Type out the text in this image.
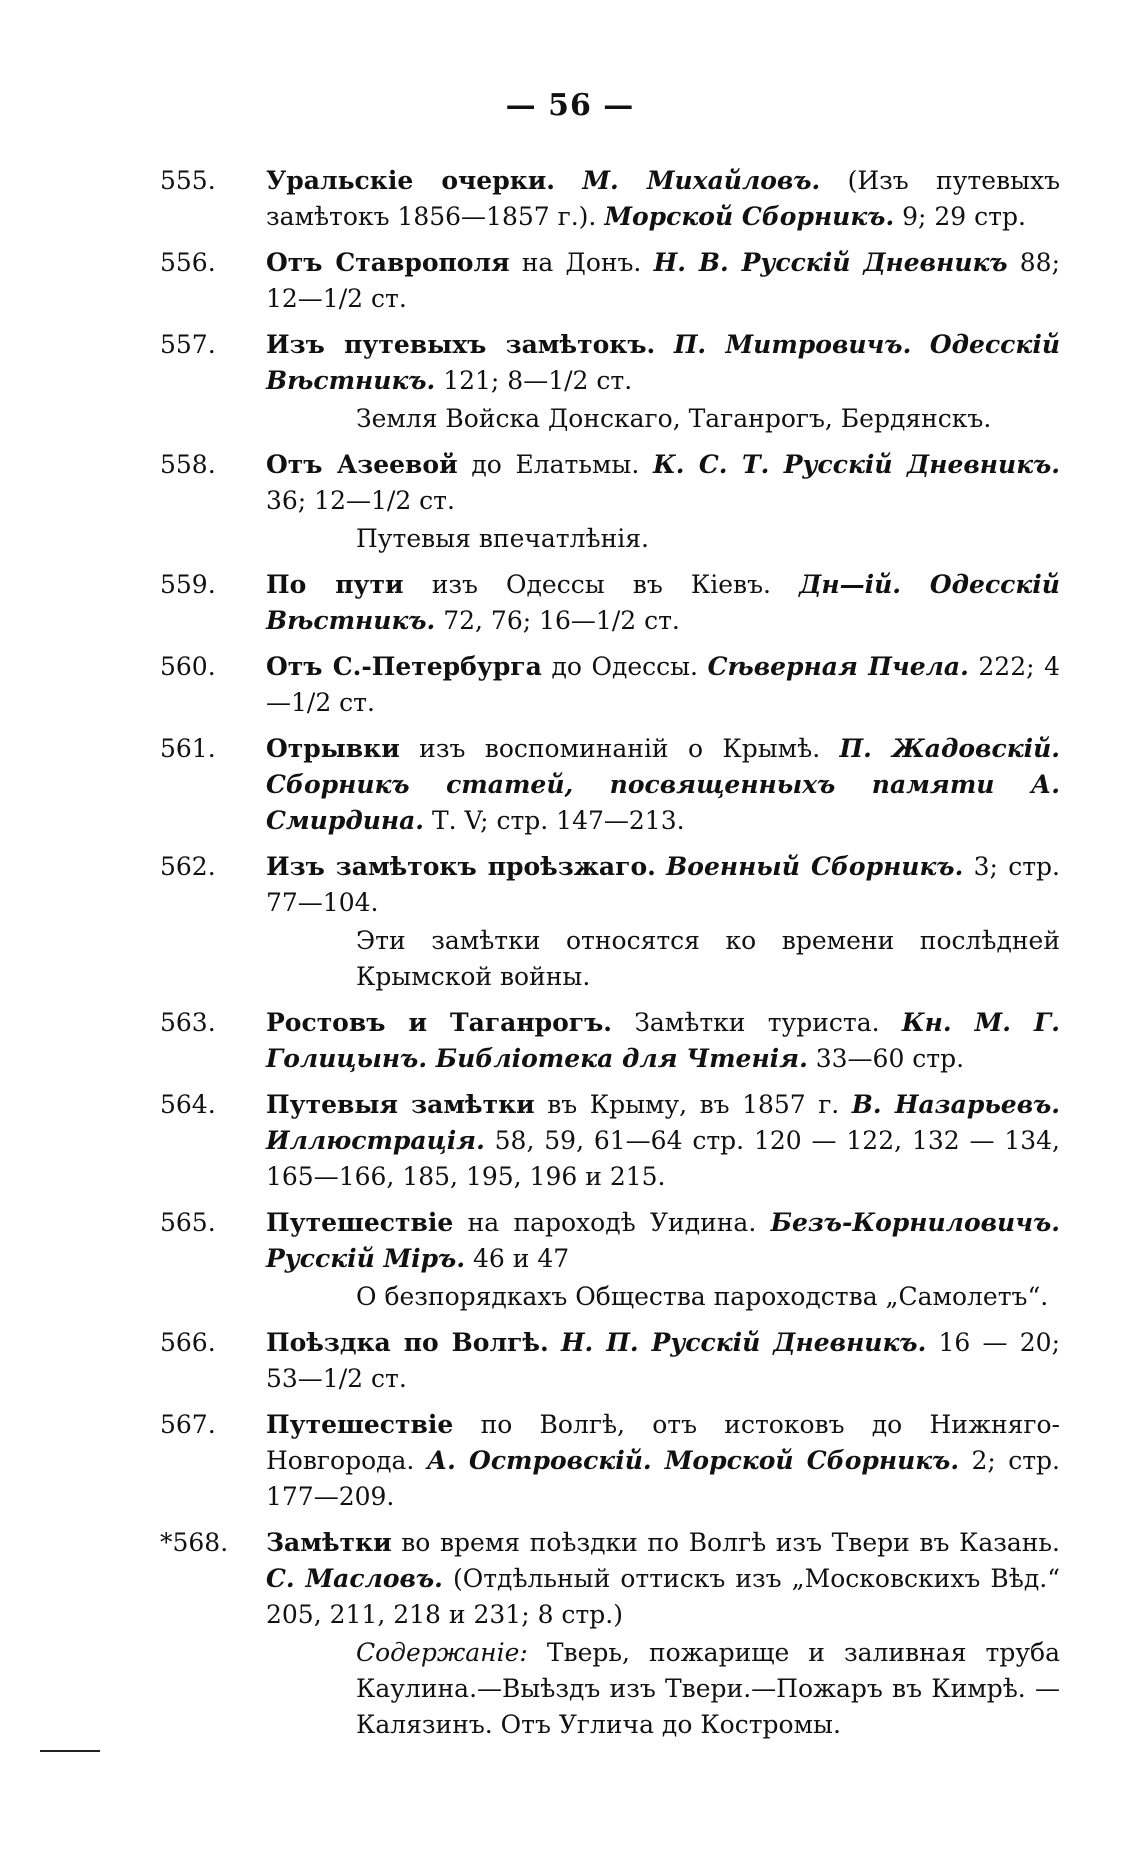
— 56 —
555.	Уральскіе очерки. М. Михайловъ. (Изъ путевыхъ замѣтокъ 1856—1857 г.). Морской Сборникъ. 9; 29 стр.
556.	Отъ Ставрополя на Донъ. Н. В. Русскій Дневникъ 88; 12—1/2 ст.
557.	Изъ путевыхъ замѣтокъ. П. Митровичъ. Одесскій Вѣстникъ. 121; 8—1/2 ст.
Земля Войска Донскаго, Таганрогъ, Бердянскъ.
558.	Отъ Азеевой до Елатьмы. К. С. Т. Русскій Дневникъ. 36; 12—1/2 ст.
Путевыя впечатлѣнія.
559.	По пути изъ Одессы въ Кіевъ. Дн—ій. Одесскій Вѣстникъ. 72, 76; 16—1/2 ст.
560.	Отъ С.-Петербурга до Одессы. Сѣверная Пчела. 222; 4—1/2 ст.
561.	Отрывки изъ воспоминаній о Крымѣ. П. Жадовскій. Сборникъ статей, посвященныхъ памяти А. Смирдина. Т. V; стр. 147—213.
562.	Изъ замѣтокъ проѣзжаго. Военный Сборникъ. 3; стр. 77—104.
Эти замѣтки относятся ко времени послѣдней Крымской войны.
563.	Ростовъ и Таганрогъ. Замѣтки туриста. Кн. М. Г. Голицынъ. Библіотека для Чтенія. 33—60 стр.
564.	Путевыя замѣтки въ Крыму, въ 1857 г. В. Назарьевъ. Иллюстрація. 58, 59, 61—64 стр. 120 — 122, 132 — 134, 165—166, 185, 195, 196 и 215.
565.	Путешествіе на пароходѣ Уидина. Безъ-Корниловичъ. Русскій Міръ. 46 и 47
О безпорядкахъ Общества пароходства „Самолетъ“.
566.	Поѣздка по Волгѣ. Н. П. Русскій Дневникъ. 16 — 20; 53—1/2 ст.
567.	Путешествіе по Волгѣ, отъ истоковъ до Нижняго-Новгорода. А. Островскій. Морской Сборникъ. 2; стр. 177—209.
*568.	Замѣтки во время поѣздки по Волгѣ изъ Твери въ Казань. С. Масловъ. (Отдѣльный оттискъ изъ „Московскихъ Вѣд.“ 205, 211, 218 и 231; 8 стр.)
Содержаніе: Тверь, пожарище и заливная труба Каулина.—Выѣздъ изъ Твери.—Пожаръ въ Кимрѣ. — Калязинъ. Отъ Углича до Костромы.
